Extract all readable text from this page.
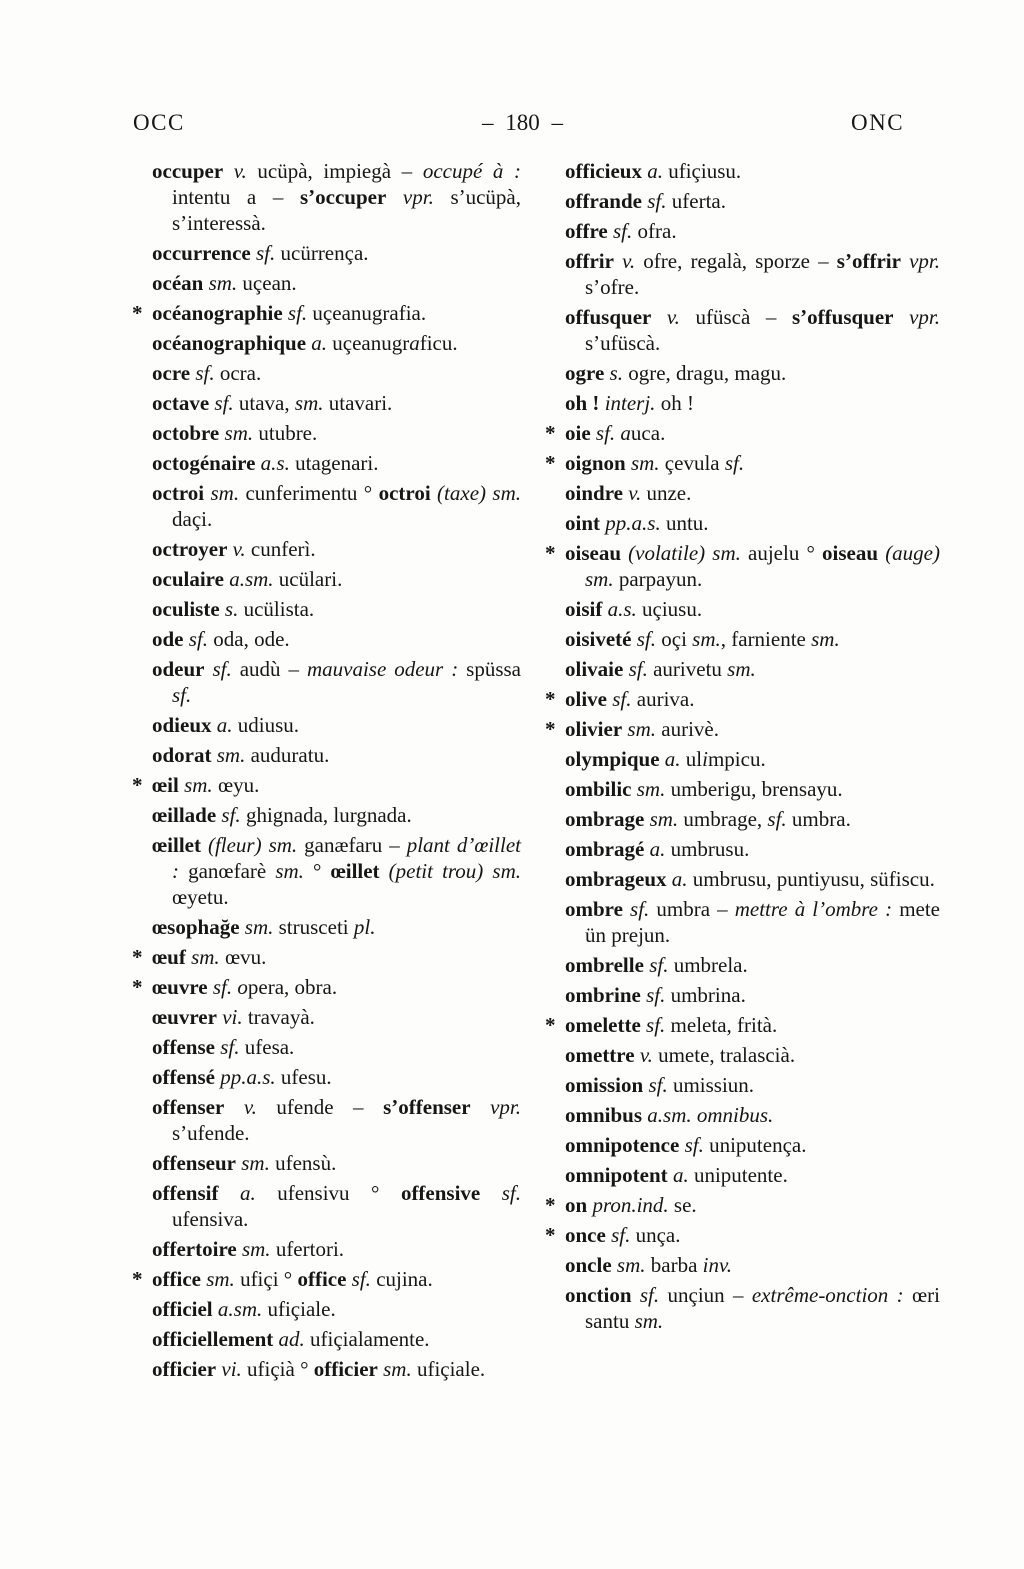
OCC	– 180 –	ONC

occuper v. ucüpà, impiegà – occupé à : intentu a – s’occuper vpr. s’ucüpà, s’interessà.

occurrence sf. ucürrença.

océan sm. uçean.

* océanographie sf. uçeanugrafia.

océanographique a. uçeanugraficu.

ocre sf. ocra.

octave sf. utava, sm. utavari.

octobre sm. utubre.

octogénaire a.s. utagenari.

octroi sm. cunferimentu ° octroi (taxe) sm. daçi.

octroyer v. cunferì.

oculaire a.sm. ucülari.

oculiste s. ucülista.

ode sf. oda, ode.

odeur sf. audù – mauvaise odeur : spüssa sf.

odieux a. udiusu.

odorat sm. auduratu.

* œil sm. œyu.

œillade sf. ghignada, lurgnada.

œillet (fleur) sm. ganæfaru – plant d’œillet : ganœfarè sm. ° œillet (petit trou) sm. œyetu.

œsophağe sm. strusceti pl.

* œuf sm. œvu.

* œuvre sf. opera, obra.

œuvrer vi. travayà.

offense sf. ufesa.

offensé pp.a.s. ufesu.

offenser v. ufende – s’offenser vpr. s’ufende.

offenseur sm. ufensù.

offensif a. ufensivu ° offensive sf. ufensiva.

offertoire sm. ufertori.

* office sm. ufiçi ° office sf. cujina.

officiel a.sm. ufiçiale.

officiellement ad. ufiçialamente.

officier vi. ufiçià ° officier sm. ufiçiale.

officieux a. ufiçiusu.

offrande sf. uferta.

offre sf. ofra.

offrir v. ofre, regalà, sporze – s’offrir vpr. s’ofre.

offusquer v. ufüscà – s’offusquer vpr. s’ufüscà.

ogre s. ogre, dragu, magu.

oh ! interj. oh !

* oie sf. auca.

* oignon sm. çevula sf.

oindre v. unze.

oint pp.a.s. untu.

* oiseau (volatile) sm. aujelu ° oiseau (auge) sm. parpayun.

oisif a.s. uçiusu.

oisiveté sf. oçi sm., farniente sm.

olivaie sf. aurivetu sm.

* olive sf. auriva.

* olivier sm. aurivè.

olympique a. ulimpicu.

ombilic sm. umberigu, brensayu.

ombrage sm. umbrage, sf. umbra.

ombragé a. umbrusu.

ombrageux a. umbrusu, puntiyusu, süfiscu.

ombre sf. umbra – mettre à l’ombre : mete ün prejun.

ombrelle sf. umbrela.

ombrine sf. umbrina.

* omelette sf. meleta, frità.

omettre v. umete, tralascià.

omission sf. umissiun.

omnibus a.sm. omnibus.

omnipotence sf. uniputença.

omnipotent a. uniputente.

* on pron.ind. se.

* once sf. unça.

oncle sm. barba inv.

onction sf. unçiun – extrême-onction : œri santu sm.
